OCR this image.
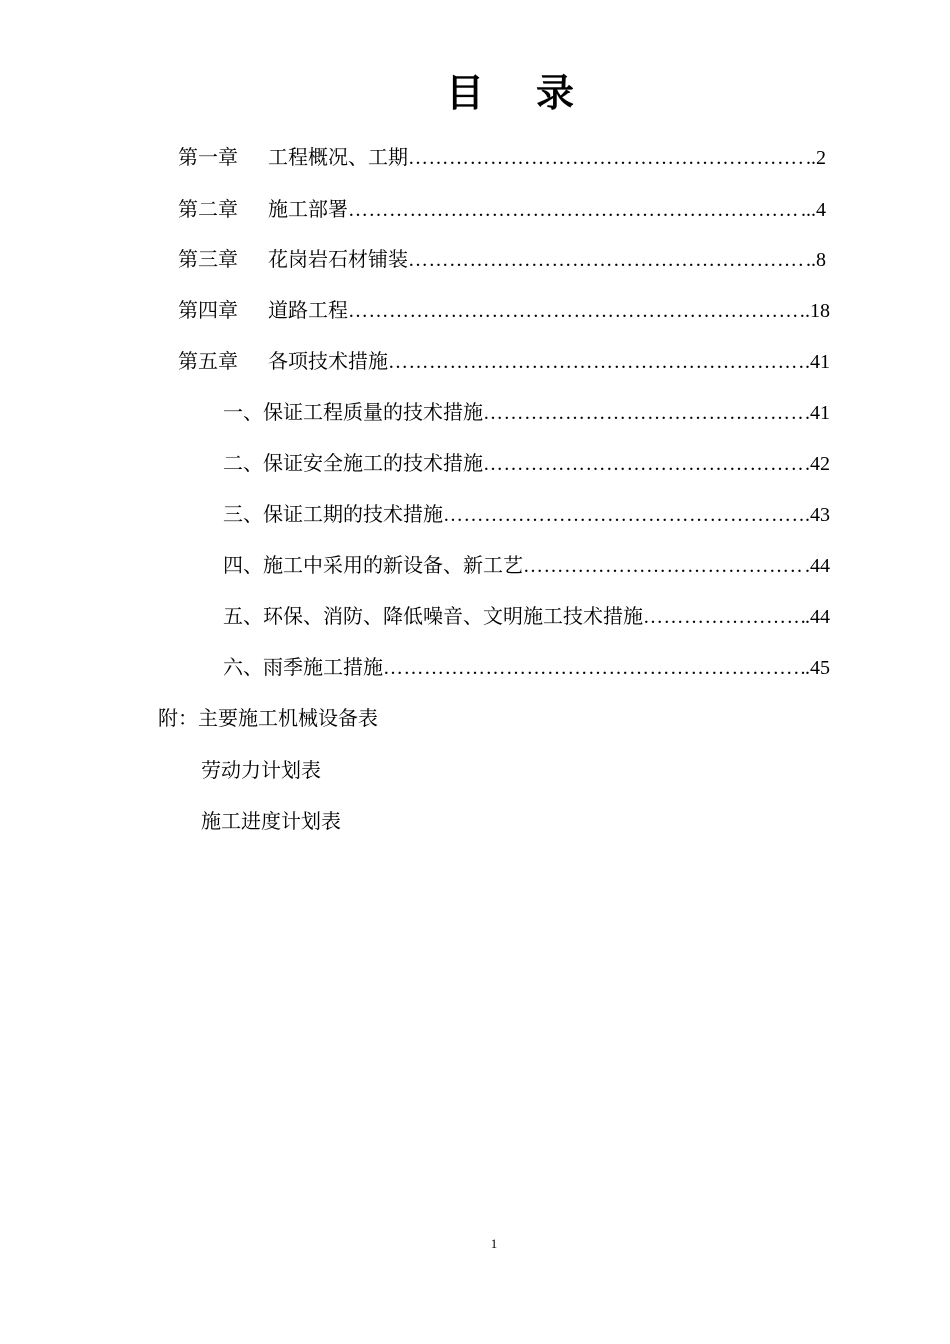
目 录
第一章 工程概况、工期 ………………………………………………………………………………………………………………………………………………	..2
第二章 施工部署 ………………………………………………………………………………………………………………………………………………	...4
第三章 花岗岩石材铺装 ………………………………………………………………………………………………………………………………………………	..8
第四章 道路工程 ………………………………………………………………………………………………………………………………………………	.18
第五章 各项技术措施 ………………………………………………………………………………………………………………………………………………	.41
一、保证工程质量的技术措施 ………………………………………………………………………………………………………………………………………………	.41
二、保证安全施工的技术措施 ………………………………………………………………………………………………………………………………………………	.42
三、保证工期的技术措施 ………………………………………………………………………………………………………………………………………………	.43
四、施工中采用的新设备、新工艺 ………………………………………………………………………………………………………………………………………………	.44
五、环保、消防、降低噪音、文明施工技术措施 ………………………………………………………………………………………………………………………………………………	.44
六、雨季施工措施 ………………………………………………………………………………………………………………………………………………	.45
附：主要施工机械设备表
劳动力计划表
施工进度计划表
1
